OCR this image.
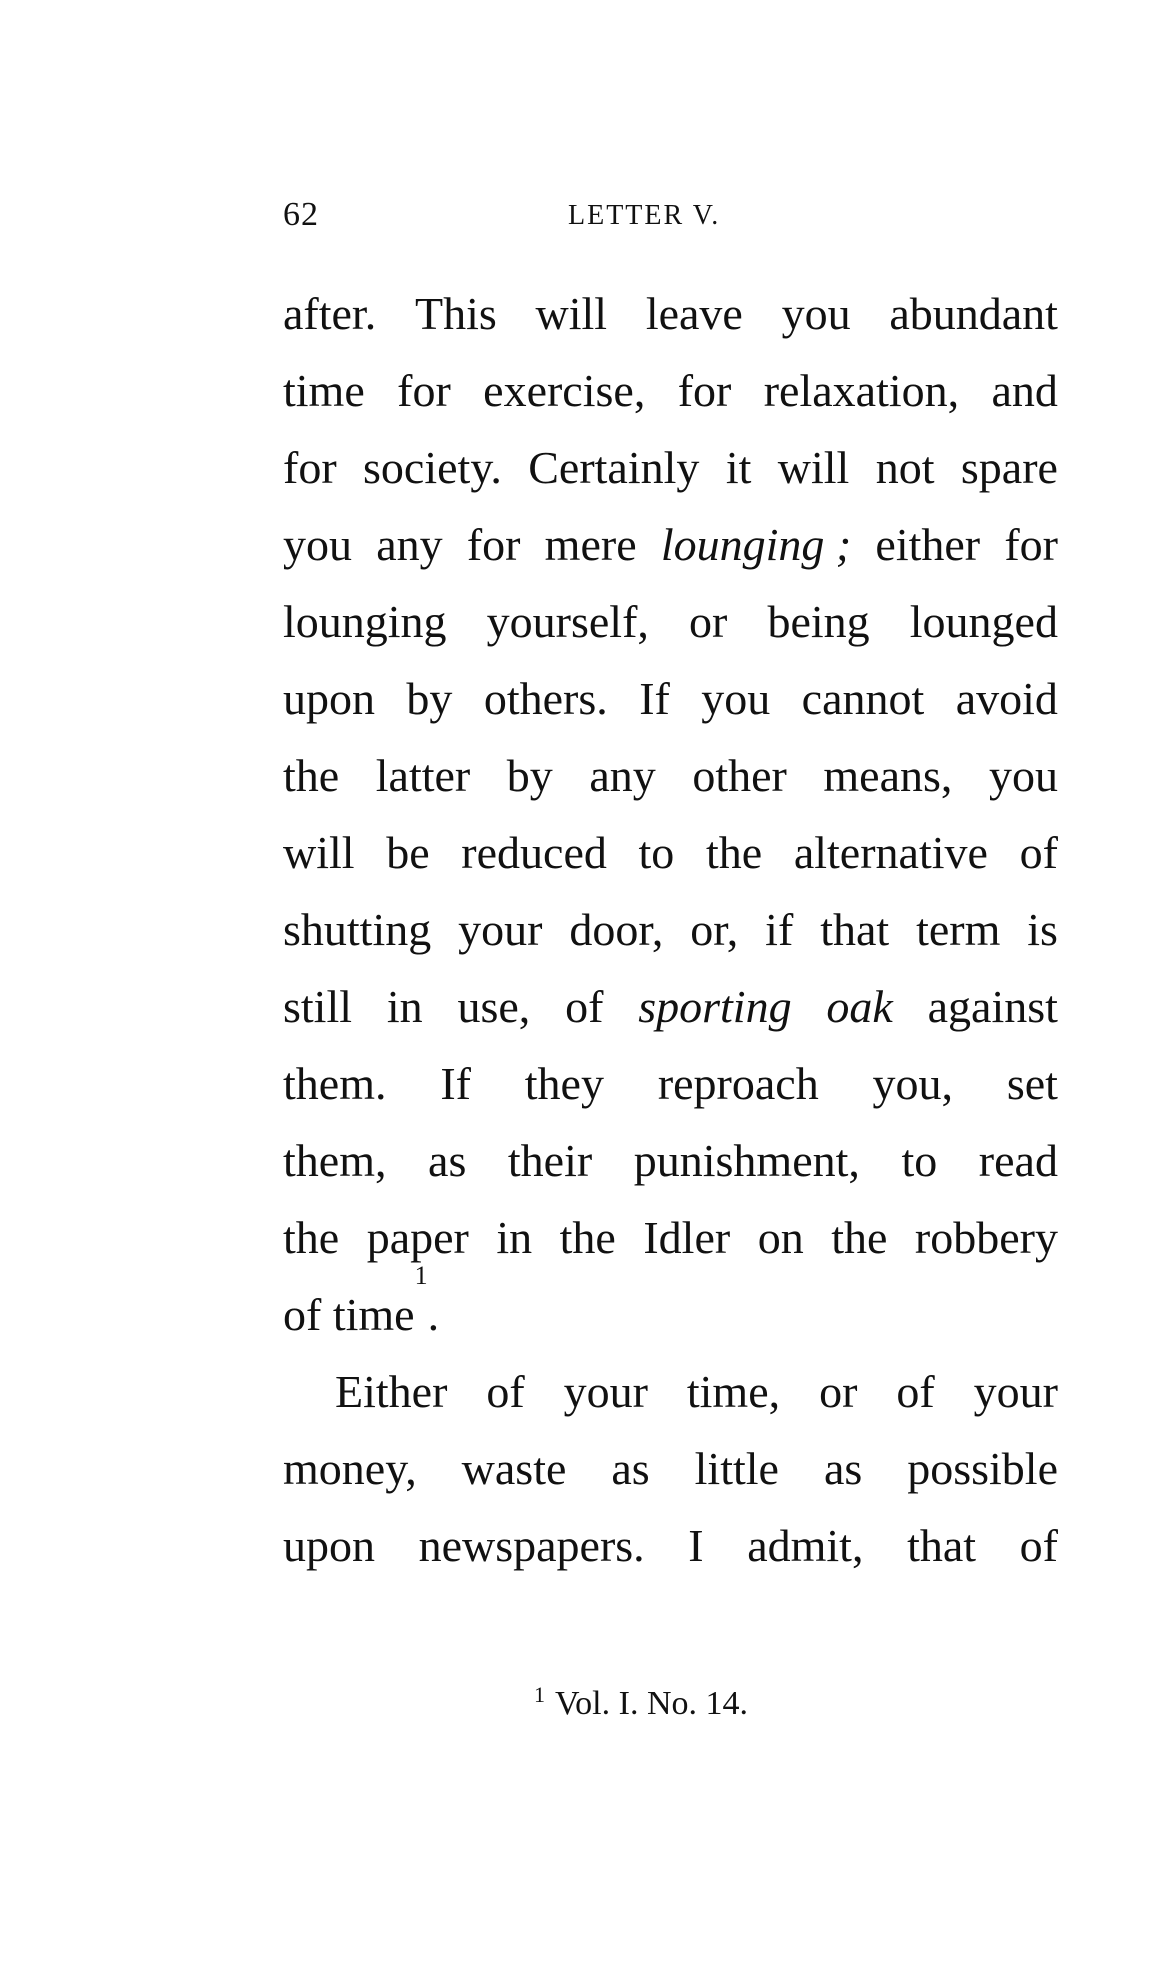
62	LETTER V.
after. This will leave you abundant
time for exercise, for relaxation, and
for society. Certainly it will not spare
you any for mere lounging ; either for
lounging yourself, or being lounged
upon by others. If you cannot avoid
the latter by any other means, you
will be reduced to the alternative of
shutting your door, or, if that term is
still in use, of sporting oak against
them. If they reproach you, set
them, as their punishment, to read
the paper in the Idler on the robbery
of
time
1
.
Either of your time, or of your
money, waste as little as possible
upon newspapers. I admit, that of
$^1$ Vol. I. No. 14.
